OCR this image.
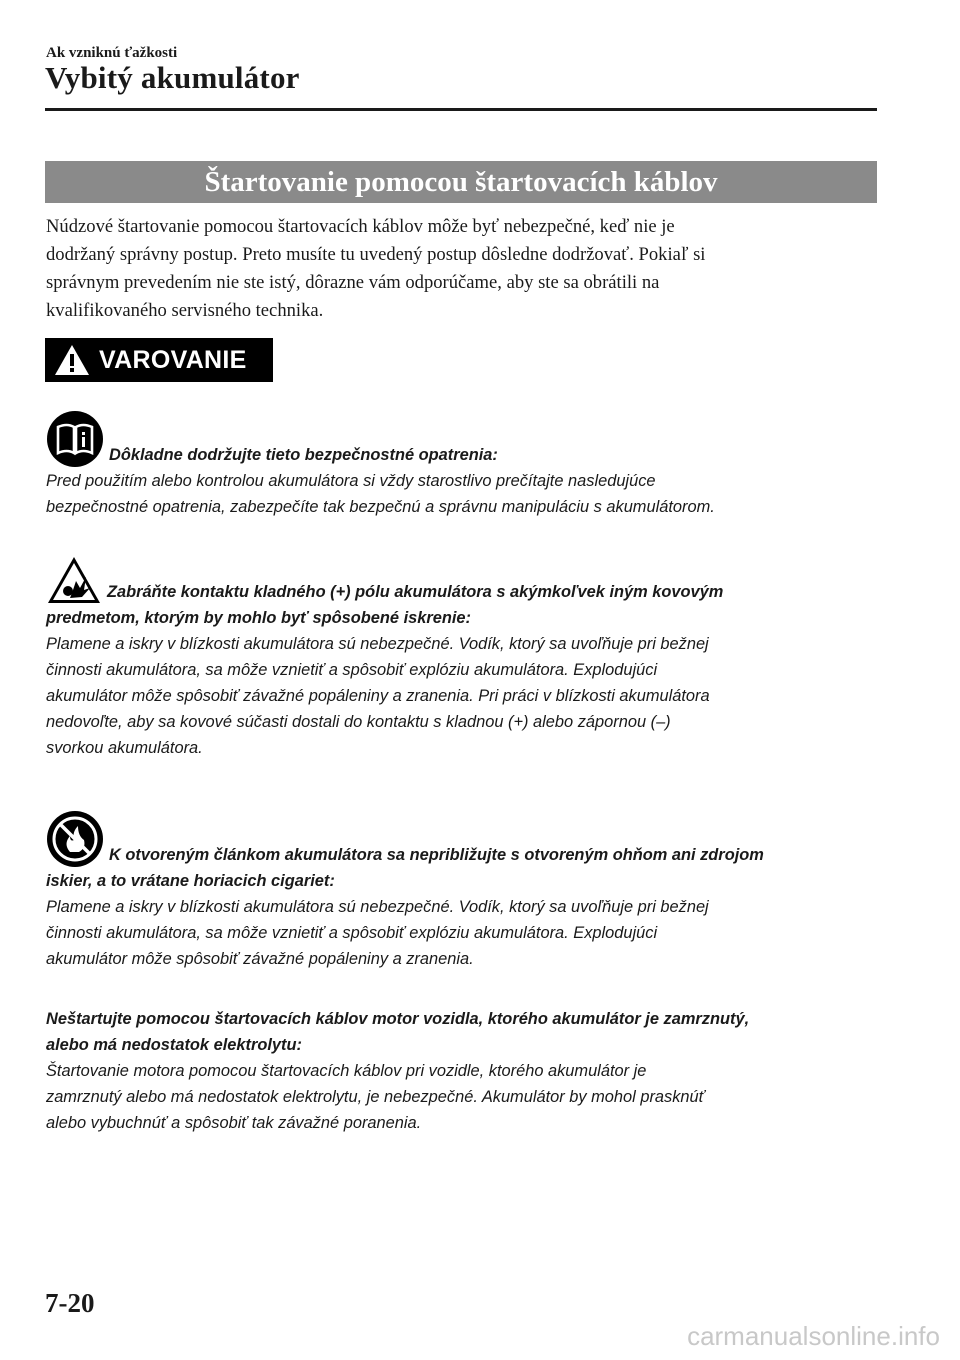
Ak vzniknú ťažkosti
Vybitý akumulátor
Štartovanie pomocou štartovacích káblov
Núdzové štartovanie pomocou štartovacích káblov môže byť nebezpečné, keď nie je
dodržaný správny postup. Preto musíte tu uvedený postup dôsledne dodržovať. Pokiaľ si
správnym prevedením nie ste istý, dôrazne vám odporúčame, aby ste sa obrátili na
kvalifikovaného servisného technika.
VAROVANIE

Dôkladne dodržujte tieto bezpečnostné opatrenia:

Pred použitím alebo kontrolou akumulátora si vždy starostlivo prečítajte nasledujúce

bezpečnostné opatrenia, zabezpečíte tak bezpečnú a správnu manipuláciu s akumulátorom.

Zabráňte kontaktu kladného (+) pólu akumulátora s akýmkoľvek iným kovovým

predmetom, ktorým by mohlo byť spôsobené iskrenie:

Plamene a iskry v blízkosti akumulátora sú nebezpečné. Vodík, ktorý sa uvoľňuje pri bežnej

činnosti akumulátora, sa môže vznietiť a spôsobiť explóziu akumulátora. Explodujúci

akumulátor môže spôsobiť závažné popáleniny a zranenia. Pri práci v blízkosti akumulátora

nedovoľte, aby sa kovové súčasti dostali do kontaktu s kladnou (+) alebo zápornou (–)

svorkou akumulátora.

K otvoreným článkom akumulátora sa nepribližujte s otvoreným ohňom ani zdrojom

iskier, a to vrátane horiacich cigariet:

Plamene a iskry v blízkosti akumulátora sú nebezpečné. Vodík, ktorý sa uvoľňuje pri bežnej

činnosti akumulátora, sa môže vznietiť a spôsobiť explóziu akumulátora. Explodujúci

akumulátor môže spôsobiť závažné popáleniny a zranenia.

Neštartujte pomocou štartovacích káblov motor vozidla, ktorého akumulátor je zamrznutý,

alebo má nedostatok elektrolytu:

Štartovanie motora pomocou štartovacích káblov pri vozidle, ktorého akumulátor je

zamrznutý alebo má nedostatok elektrolytu, je nebezpečné. Akumulátor by mohol prasknúť

alebo vybuchnúť a spôsobiť tak závažné poranenia.

7-20
carmanualsonline.info
